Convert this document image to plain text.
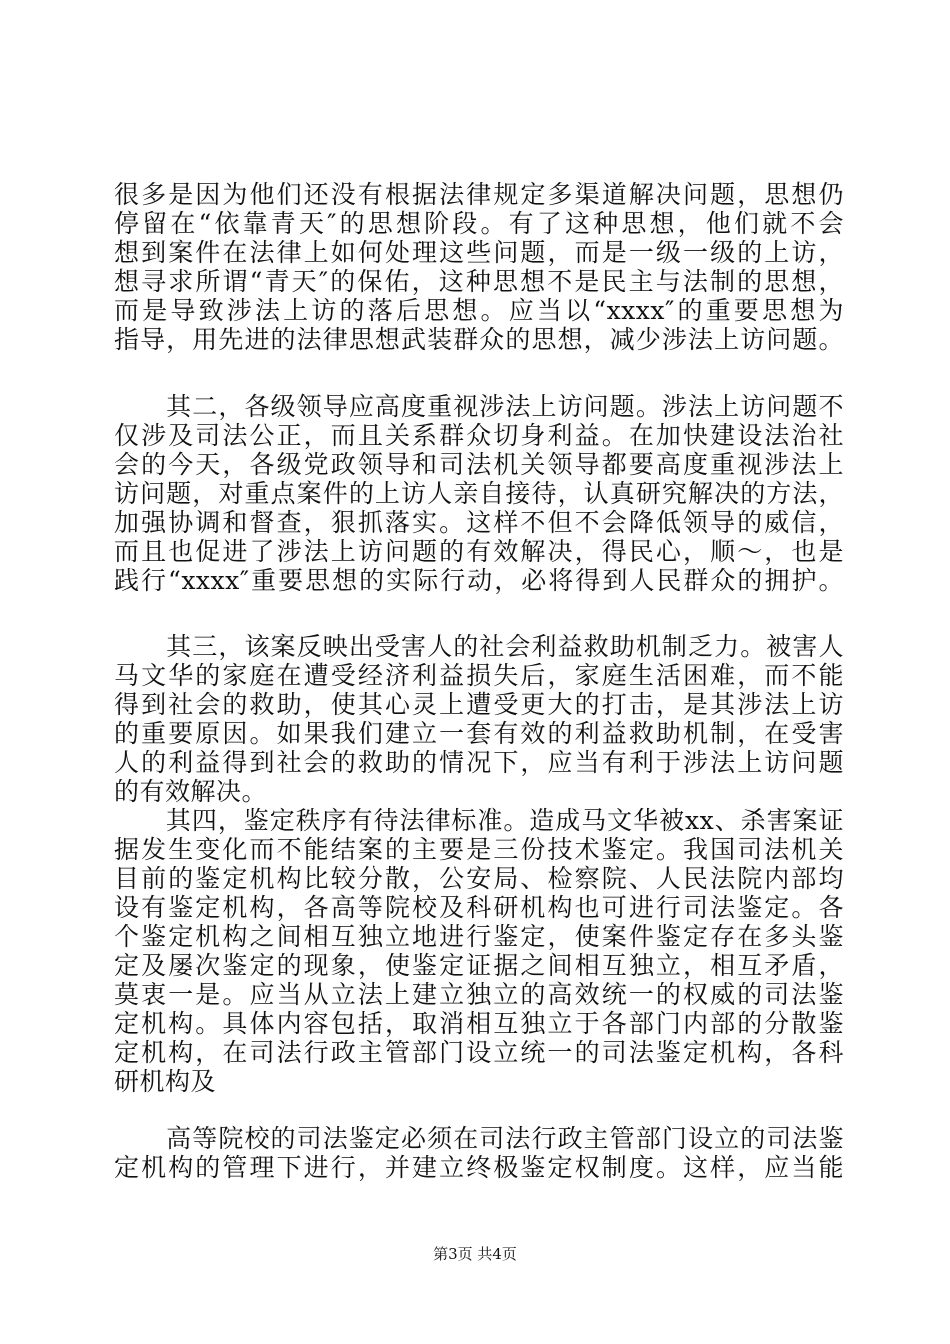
很多是因为他们还没有根据法律规定多渠道解决问题，思想仍
停留在“依靠青天″的思想阶段。有了这种思想，他们就不会
想到案件在法律上如何处理这些问题，而是一级一级的上访，
想寻求所谓“青天″的保佑，这种思想不是民主与法制的思想，
而是导致涉法上访的落后思想。应当以“xxxx″的重要思想为
指导，用先进的法律思想武装群众的思想，减少涉法上访问题。
　　其二，各级领导应高度重视涉法上访问题。涉法上访问题不
仅涉及司法公正，而且关系群众切身利益。在加快建设法治社
会的今天，各级党政领导和司法机关领导都要高度重视涉法上
访问题，对重点案件的上访人亲自接待，认真研究解决的方法，
加强协调和督查，狠抓落实。这样不但不会降低领导的威信，
而且也促进了涉法上访问题的有效解决，得民心，顺～，也是
践行“xxxx″重要思想的实际行动，必将得到人民群众的拥护。
　　其三，该案反映出受害人的社会利益救助机制乏力。被害人
马文华的家庭在遭受经济利益损失后，家庭生活困难，而不能
得到社会的救助，使其心灵上遭受更大的打击，是其涉法上访
的重要原因。如果我们建立一套有效的利益救助机制，在受害
人的利益得到社会的救助的情况下，应当有利于涉法上访问题
的有效解决。
　　其四，鉴定秩序有待法律标准。造成马文华被xx、杀害案证
据发生变化而不能结案的主要是三份技术鉴定。我国司法机关
目前的鉴定机构比较分散，公安局、检察院、人民法院内部均
设有鉴定机构，各高等院校及科研机构也可进行司法鉴定。各
个鉴定机构之间相互独立地进行鉴定，使案件鉴定存在多头鉴
定及屡次鉴定的现象，使鉴定证据之间相互独立，相互矛盾，
莫衷一是。应当从立法上建立独立的高效统一的权威的司法鉴
定机构。具体内容包括，取消相互独立于各部门内部的分散鉴
定机构，在司法行政主管部门设立统一的司法鉴定机构，各科
研机构及
　　高等院校的司法鉴定必须在司法行政主管部门设立的司法鉴
定机构的管理下进行，并建立终极鉴定权制度。这样，应当能
第3页 共4页
